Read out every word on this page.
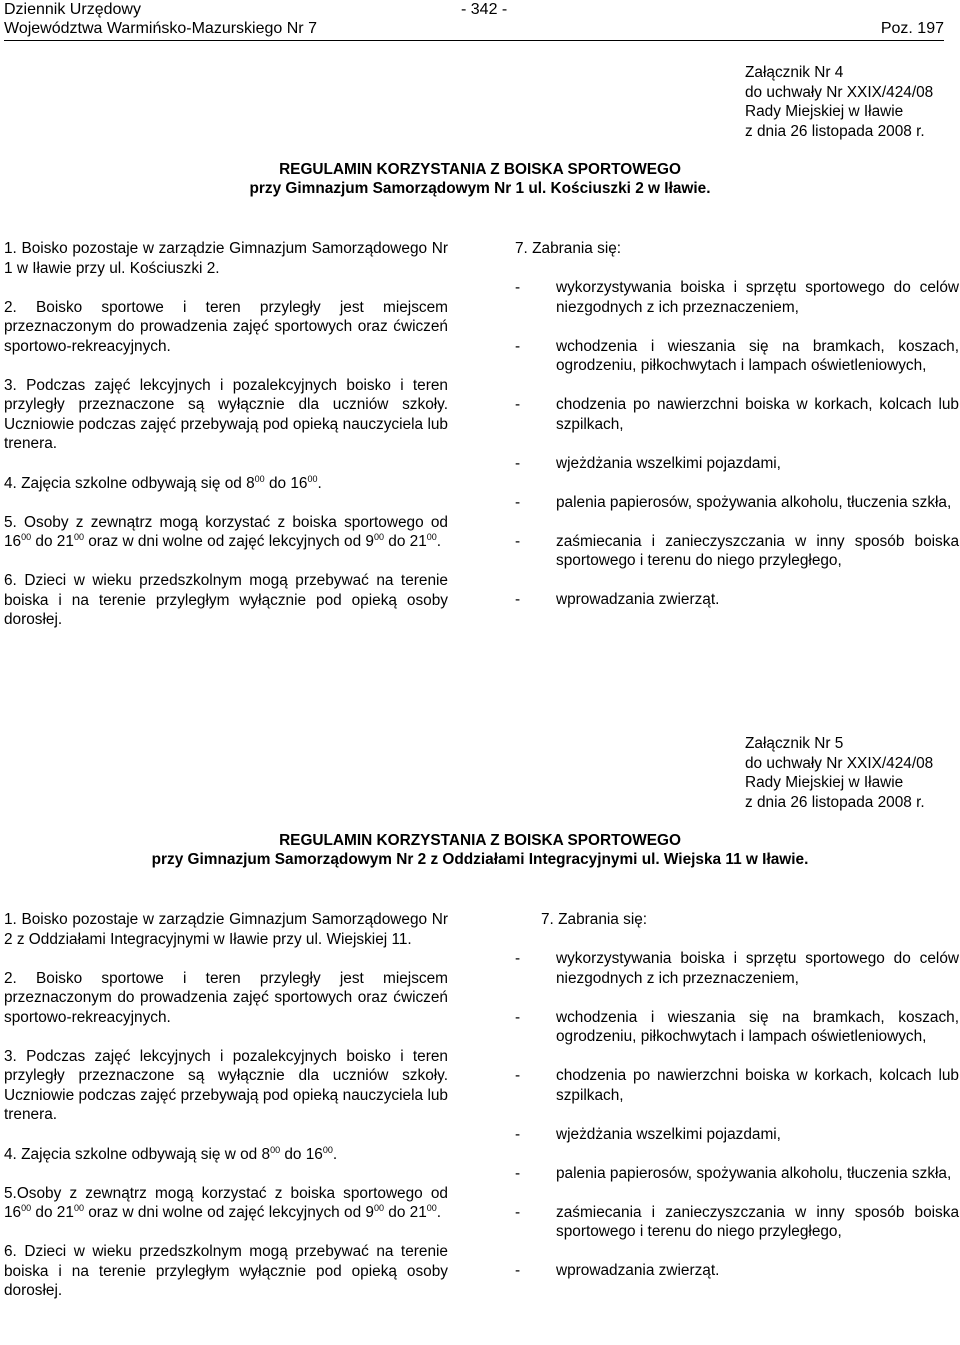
Dziennik Urzędowy
Województwa Warmińsko-Mazurskiego Nr 7
- 342 -
Poz. 197
Załącznik Nr 4
do uchwały Nr XXIX/424/08
Rady Miejskiej w Iławie
z dnia 26 listopada 2008 r.
REGULAMIN KORZYSTANIA Z BOISKA SPORTOWEGO
przy Gimnazjum Samorządowym Nr 1 ul. Kościuszki 2 w Iławie.

1. Boisko pozostaje w zarządzie Gimnazjum Samorządowego Nr 1 w Iławie przy ul. Kościuszki 2.

2. Boisko sportowe i teren przyległy jest miejscem przeznaczonym do prowadzenia zajęć sportowych oraz ćwiczeń sportowo-rekreacyjnych.

3. Podczas zajęć lekcyjnych i pozalekcyjnych boisko i teren przyległy przeznaczone są wyłącznie dla uczniów szkoły. Uczniowie podczas zajęć przebywają pod opieką nauczyciela lub trenera.

4. Zajęcia szkolne odbywają się od $8^{00}$ do $16^{00}$.

5. Osoby z zewnątrz mogą korzystać z boiska sportowego od $16^{00}$ do $21^{00}$ oraz w dni wolne od zajęć lekcyjnych od $9^{00}$ do $21^{00}$.

6. Dzieci w wieku przedszkolnym mogą przebywać na terenie boiska i na terenie przyległym wyłącznie pod opieką osoby dorosłej.

7. Zabrania się:
- wykorzystywania boiska i sprzętu sportowego do celów niezgodnych z ich przeznaczeniem,
- wchodzenia i wieszania się na bramkach, koszach, ogrodzeniu, piłkochwytach i lampach oświetleniowych,
- chodzenia po nawierzchni boiska w korkach, kolcach lub szpilkach,
- wjeżdżania wszelkimi pojazdami,
- palenia papierosów, spożywania alkoholu, tłuczenia szkła,
- zaśmiecania i zanieczyszczania w inny sposób boiska sportowego i terenu do niego przyległego,
- wprowadzania zwierząt.
Załącznik Nr 5
do uchwały Nr XXIX/424/08
Rady Miejskiej w Iławie
z dnia 26 listopada 2008 r.
REGULAMIN KORZYSTANIA Z BOISKA SPORTOWEGO
przy Gimnazjum Samorządowym Nr 2 z Oddziałami Integracyjnymi ul. Wiejska 11 w Iławie.

1. Boisko pozostaje w zarządzie Gimnazjum Samorządowego Nr 2 z Oddziałami Integracyjnymi w Iławie przy ul. Wiejskiej 11.

2. Boisko sportowe i teren przyległy jest miejscem przeznaczonym do prowadzenia zajęć sportowych oraz ćwiczeń sportowo-rekreacyjnych.

3. Podczas zajęć lekcyjnych i pozalekcyjnych boisko i teren przyległy przeznaczone są wyłącznie dla uczniów szkoły. Uczniowie podczas zajęć przebywają pod opieką nauczyciela lub trenera.

4. Zajęcia szkolne odbywają się w od $8^{00}$ do $16^{00}$.

5.Osoby z zewnątrz mogą korzystać z boiska sportowego od $16^{00}$ do $21^{00}$ oraz w dni wolne od zajęć lekcyjnych od $9^{00}$ do $21^{00}$.

6. Dzieci w wieku przedszkolnym mogą przebywać na terenie boiska i na terenie przyległym wyłącznie pod opieką osoby dorosłej.

7. Zabrania się:
- wykorzystywania boiska i sprzętu sportowego do celów niezgodnych z ich przeznaczeniem,
- wchodzenia i wieszania się na bramkach, koszach, ogrodzeniu, piłkochwytach i lampach oświetleniowych,
- chodzenia po nawierzchni boiska w korkach, kolcach lub szpilkach,
- wjeżdżania wszelkimi pojazdami,
- palenia papierosów, spożywania alkoholu, tłuczenia szkła,
- zaśmiecania i zanieczyszczania w inny sposób boiska sportowego i terenu do niego przyległego,
- wprowadzania zwierząt.
